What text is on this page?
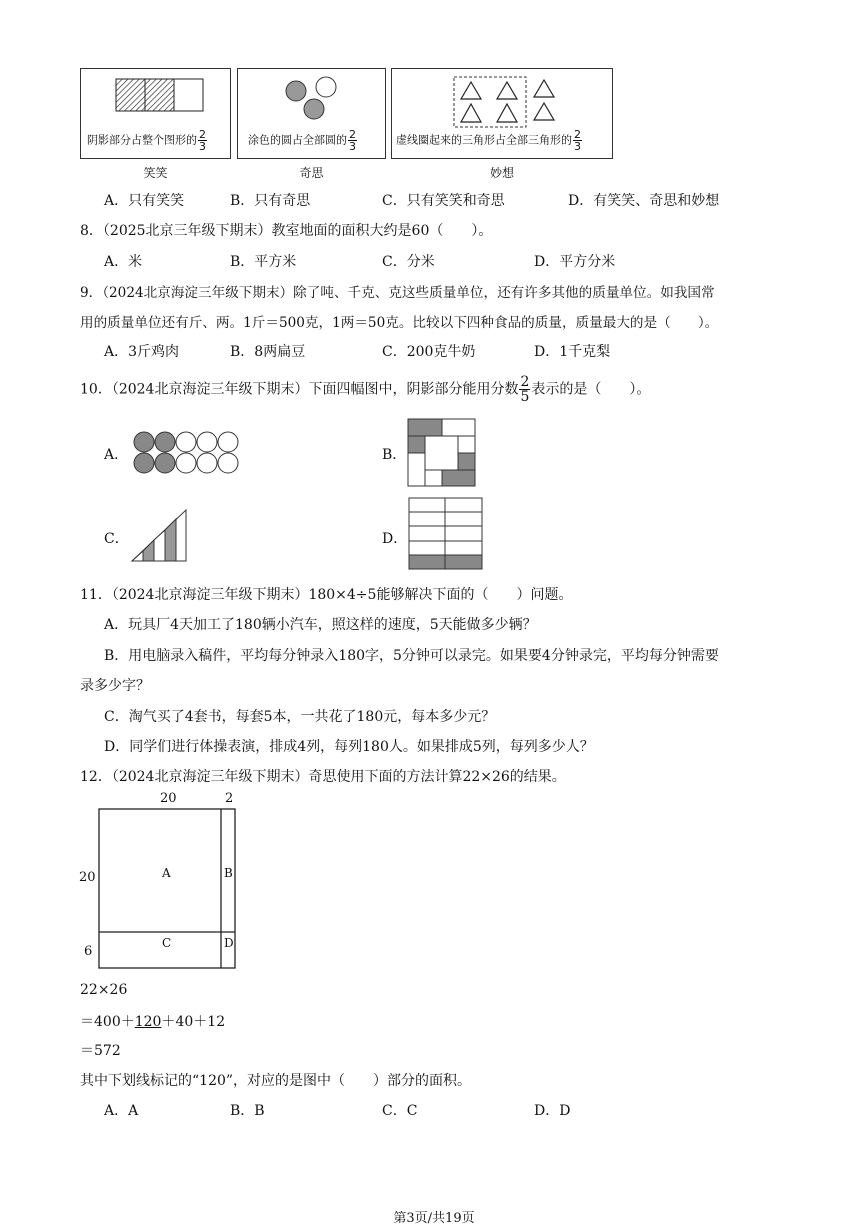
阴影部分占整个图形的 $\frac{2}{3}$	涂色的圆占全部圆的 $\frac{2}{3}$	虚线圈起来的三角形占全部三角形的 $\frac{2}{3}$
笑笑	奇思	妙想
A．只有笑笑	B．只有奇思	C．只有笑笑和奇思	D．有笑笑、奇思和妙想
8．（2025北京三年级下期末）教室地面的面积大约是60（　　）。
A．米	B．平方米	C．分米	D．平方分米
9．（2024北京海淀三年级下期末）除了吨、千克、克这些质量单位，还有许多其他的质量单位。如我国常
用的质量单位还有斤、两。1斤＝500克，1两＝50克。比较以下四种食品的质量，质量最大的是（　　）。
A．3斤鸡肉	B．8两扁豆	C．200克牛奶	D．1千克梨
10．（2024北京海淀三年级下期末）下面四幅图中，阴影部分能用分数 $\frac{2}{5}$ 表示的是（　　）。
A．	B．
C．	D．
11．（2024北京海淀三年级下期末）180×4÷5能够解决下面的（　　）问题。
A．玩具厂4天加工了180辆小汽车，照这样的速度，5天能做多少辆？
B．用电脑录入稿件，平均每分钟录入180字，5分钟可以录完。如果要4分钟录完，平均每分钟需要
录多少字？
C．淘气买了4套书，每套5本，一共花了180元，每本多少元？
D．同学们进行体操表演，排成4列，每列180人。如果排成5列，每列多少人？
12．（2024北京海淀三年级下期末）奇思使用下面的方法计算22×26的结果。
20	2
20
6
A	B
C	D
22×26
＝400＋120＋40＋12
＝572
其中下划线标记的“120”，对应的是图中（　　）部分的面积。
A．A	B．B	C．C	D．D
第3页/共19页
